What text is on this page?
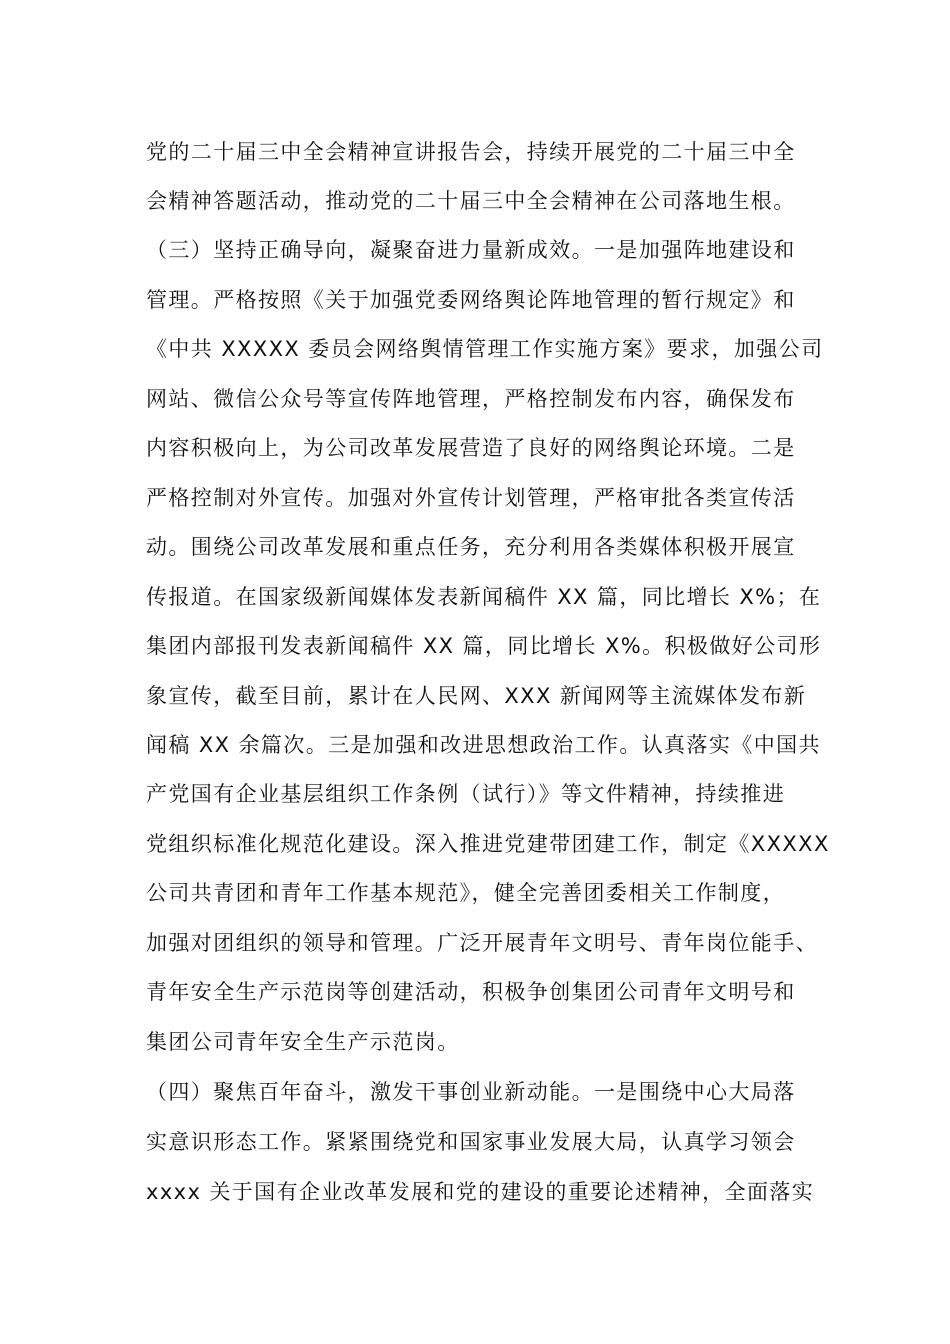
党的二十届三中全会精神宣讲报告会，持续开展党的二十届三中全
会精神答题活动，推动党的二十届三中全会精神在公司落地生根。
（三）坚持正确导向，凝聚奋进力量新成效。一是加强阵地建设和
管理。严格按照《关于加强党委网络舆论阵地管理的暂行规定》和
《中共 XXXXX 委员会网络舆情管理工作实施方案》要求，加强公司
网站、微信公众号等宣传阵地管理，严格控制发布内容，确保发布
内容积极向上，为公司改革发展营造了良好的网络舆论环境。二是
严格控制对外宣传。加强对外宣传计划管理，严格审批各类宣传活
动。围绕公司改革发展和重点任务，充分利用各类媒体积极开展宣
传报道。在国家级新闻媒体发表新闻稿件 XX 篇，同比增长 X%；在
集团内部报刊发表新闻稿件 XX 篇，同比增长 X%。积极做好公司形
象宣传，截至目前，累计在人民网、XXX 新闻网等主流媒体发布新
闻稿 XX 余篇次。三是加强和改进思想政治工作。认真落实《中国共
产党国有企业基层组织工作条例（试行）》等文件精神，持续推进
党组织标准化规范化建设。深入推进党建带团建工作，制定《XXXXX
公司共青团和青年工作基本规范》，健全完善团委相关工作制度，
加强对团组织的领导和管理。广泛开展青年文明号、青年岗位能手、
青年安全生产示范岗等创建活动，积极争创集团公司青年文明号和
集团公司青年安全生产示范岗。
（四）聚焦百年奋斗，激发干事创业新动能。一是围绕中心大局落
实意识形态工作。紧紧围绕党和国家事业发展大局，认真学习领会
xxxx 关于国有企业改革发展和党的建设的重要论述精神，全面落实
